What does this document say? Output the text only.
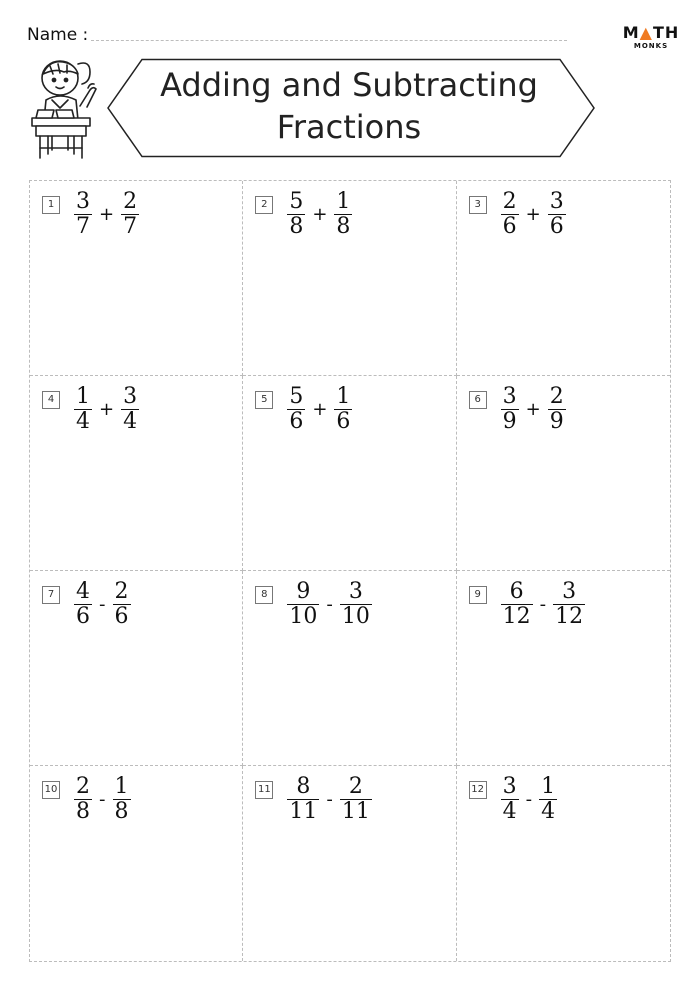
Name :	M▲TH
MONKS
Adding and Subtracting
Fractions
$1 \frac{3}{7} + \frac{2}{7}$	$2 \frac{5}{8} + \frac{1}{8}$	$3 \frac{2}{6} + \frac{3}{6}$
$4 \frac{1}{4} + \frac{3}{4}$	$5 \frac{5}{6} + \frac{1}{6}$	$6 \frac{3}{9} + \frac{2}{9}$
$7 \frac{4}{6} - \frac{2}{6}$	$8 \frac{9}{10} - \frac{3}{10}$	$9 \frac{6}{12} - \frac{3}{12}$
$10 \frac{2}{8} - \frac{1}{8}$	$11 \frac{8}{11} - \frac{2}{11}$	$12 \frac{3}{4} - \frac{1}{4}$
